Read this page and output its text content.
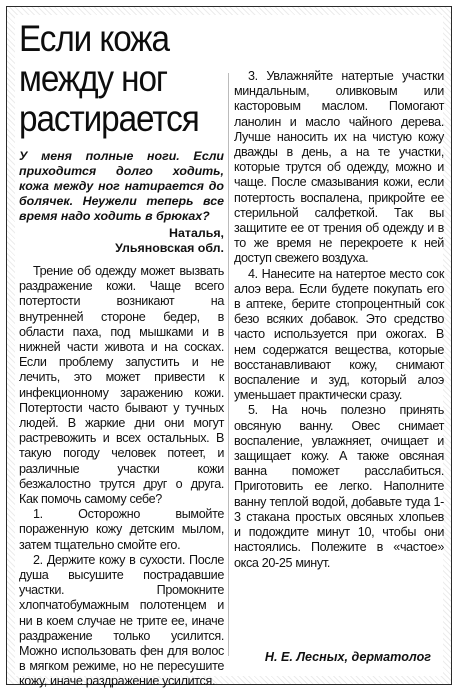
Если кожа между ног растирается
У меня полные ноги. Если приходится долго ходить, кожа между ног натирается до болячек. Неужели теперь все время надо ходить в брюках?
Наталья,
Ульяновская обл.

Трение об одежду может вызвать раздражение кожи. Чаще всего потертости возникают на внутренней стороне бедер, в области паха, под мышками и в нижней части живота и на сосках. Если проблему запустить и не лечить, это может привести к инфекционному заражению кожи. Потертости часто бывают у тучных людей. В жаркие дни они могут растревожить и всех остальных. В такую погоду человек потеет, и различные участки кожи безжалостно трутся друг о друга. Как помочь самому себе?

1. Осторожно вымойте пораженную кожу детским мылом, затем тщательно смойте его.

2. Держите кожу в сухости. После душа высушите пострадавшие участки. Промокните хлопчатобумажным полотенцем и ни в коем случае не трите ее, иначе раздражение только усилится. Можно использовать фен для волос в мягком режиме, но не пересушите кожу, иначе раздражение усилится.

3. Увлажняйте натертые участки миндальным, оливковым или касторовым маслом. Помогают ланолин и масло чайного дерева. Лучше наносить их на чистую кожу дважды в день, а на те участки, которые трутся об одежду, можно и чаще. После смазывания кожи, если потертость воспалена, прикройте ее стерильной салфеткой. Так вы защитите ее от трения об одежду и в то же время не перекроете к ней доступ свежего воздуха.

4. Нанесите на натертое место сок алоэ вера. Если будете покупать его в аптеке, берите стопроцентный сок безо всяких добавок. Это средство часто используется при ожогах. В нем содержатся вещества, которые восстанавливают кожу, снимают воспаление и зуд, который алоэ уменьшает практически сразу.

5. На ночь полезно принять овсяную ванну. Овес снимает воспаление, увлажняет, очищает и защищает кожу. А также овсяная ванна поможет расслабиться. Приготовить ее легко. Наполните ванну теплой водой, добавьте туда 1-3 стакана простых овсяных хлопьев и подождите минут 10, чтобы они настоялись. Полежите в «частое» окса 20-25 минут.

Н. Е. Лесных, дерматолог
